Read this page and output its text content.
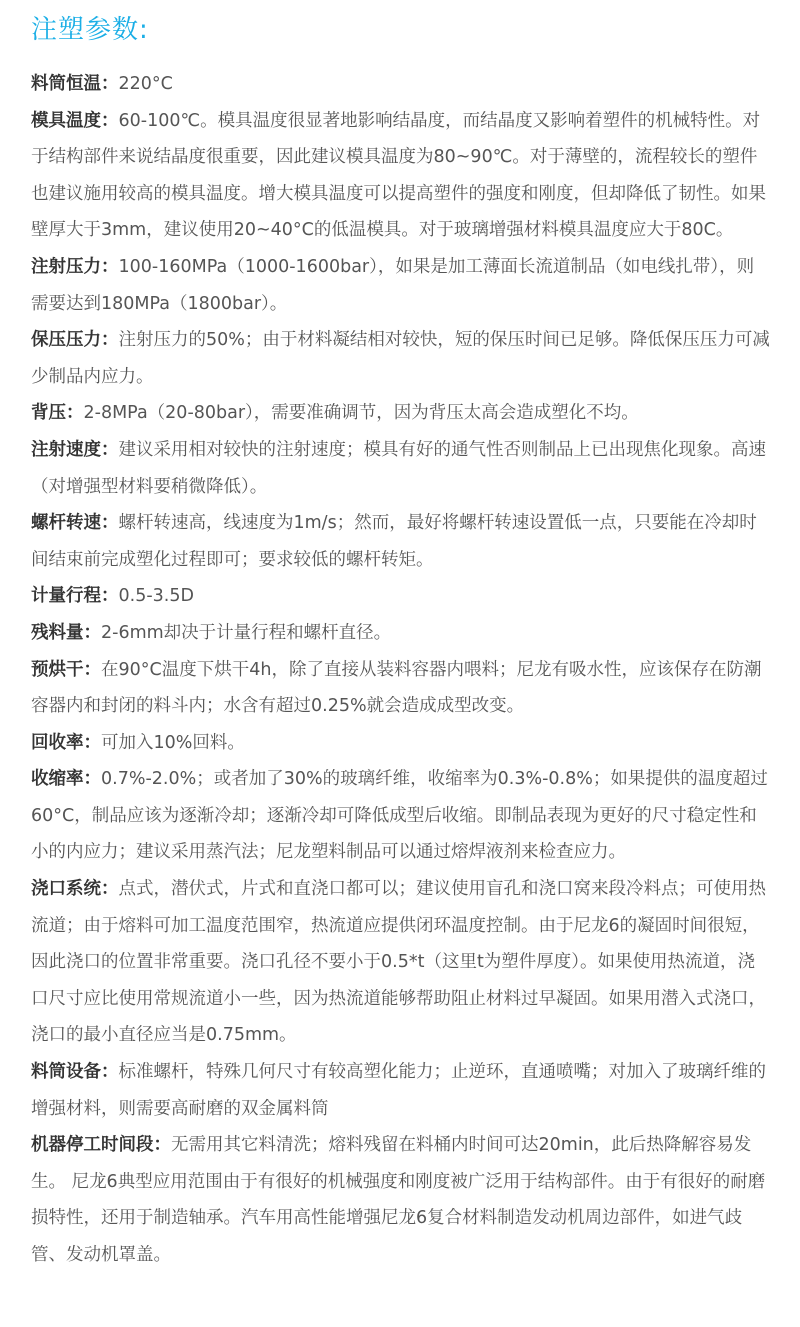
注塑参数:

料筒恒温：220°C

模具温度：60-100℃。模具温度很显著地影响结晶度，而结晶度又影响着塑件的机械特性。对于结构部件来说结晶度很重要，因此建议模具温度为80~90℃。对于薄壁的，流程较长的塑件也建议施用较高的模具温度。增大模具温度可以提高塑件的强度和刚度，但却降低了韧性。如果壁厚大于3mm，建议使用20~40°C的低温模具。对于玻璃增强材料模具温度应大于80C。

注射压力：100-160MPa（1000-1600bar），如果是加工薄面长流道制品（如电线扎带），则需要达到180MPa（1800bar）。

保压压力：注射压力的50%；由于材料凝结相对较快，短的保压时间已足够。降低保压压力可减少制品内应力。

背压：2-8MPa（20-80bar），需要准确调节，因为背压太高会造成塑化不均。

注射速度：建议采用相对较快的注射速度；模具有好的通气性否则制品上已出现焦化现象。高速（对增强型材料要稍微降低）。

螺杆转速：螺杆转速高，线速度为1m/s；然而，最好将螺杆转速设置低一点，只要能在冷却时间结束前完成塑化过程即可；要求较低的螺杆转矩。

计量行程：0.5-3.5D

残料量：2-6mm却决于计量行程和螺杆直径。

预烘干：在90°C温度下烘干4h，除了直接从装料容器内喂料；尼龙有吸水性，应该保存在防潮容器内和封闭的料斗内；水含有超过0.25%就会造成成型改变。

回收率：可加入10%回料。

收缩率：0.7%-2.0%；或者加了30%的玻璃纤维，收缩率为0.3%-0.8%；如果提供的温度超过60°C，制品应该为逐渐冷却；逐渐冷却可降低成型后收缩。即制品表现为更好的尺寸稳定性和小的内应力；建议采用蒸汽法；尼龙塑料制品可以通过熔焊液剂来检查应力。

浇口系统：点式，潜伏式，片式和直浇口都可以；建议使用盲孔和浇口窝来段冷料点；可使用热流道；由于熔料可加工温度范围窄，热流道应提供闭环温度控制。由于尼龙6的凝固时间很短，因此浇口的位置非常重要。浇口孔径不要小于0.5*t（这里t为塑件厚度）。如果使用热流道，浇口尺寸应比使用常规流道小一些，因为热流道能够帮助阻止材料过早凝固。如果用潜入式浇口，浇口的最小直径应当是0.75mm。

料筒设备：标准螺杆，特殊几何尺寸有较高塑化能力；止逆环，直通喷嘴；对加入了玻璃纤维的增强材料，则需要高耐磨的双金属料筒

机器停工时间段：无需用其它料清洗；熔料残留在料桶内时间可达20min，此后热降解容易发生。 尼龙6典型应用范围由于有很好的机械强度和刚度被广泛用于结构部件。由于有很好的耐磨损特性，还用于制造轴承。汽车用高性能增强尼龙6复合材料制造发动机周边部件，如进气歧管、发动机罩盖。
